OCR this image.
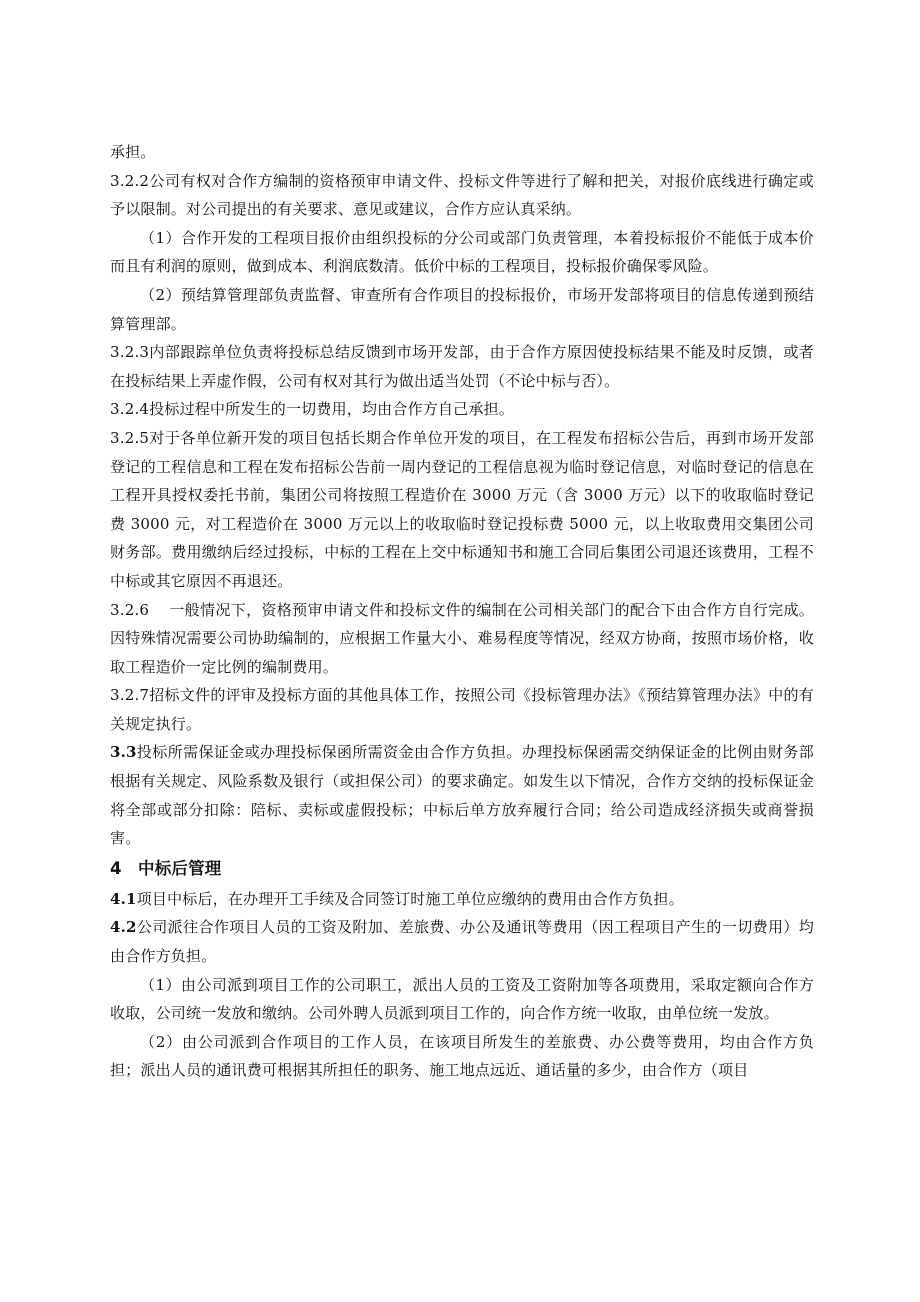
承担。

3.2.2公司有权对合作方编制的资格预审申请文件、投标文件等进行了解和把关，对报价底线进行确定或予以限制。对公司提出的有关要求、意见或建议，合作方应认真采纳。

（1）合作开发的工程项目报价由组织投标的分公司或部门负责管理，本着投标报价不能低于成本价而且有利润的原则，做到成本、利润底数清。低价中标的工程项目，投标报价确保零风险。

（2）预结算管理部负责监督、审查所有合作项目的投标报价，市场开发部将项目的信息传递到预结算管理部。

3.2.3内部跟踪单位负责将投标总结反馈到市场开发部，由于合作方原因使投标结果不能及时反馈，或者在投标结果上弄虚作假，公司有权对其行为做出适当处罚（不论中标与否）。

3.2.4投标过程中所发生的一切费用，均由合作方自己承担。

3.2.5对于各单位新开发的项目包括长期合作单位开发的项目，在工程发布招标公告后，再到市场开发部登记的工程信息和工程在发布招标公告前一周内登记的工程信息视为临时登记信息，对临时登记的信息在工程开具授权委托书前，集团公司将按照工程造价在 3000 万元（含 3000 万元）以下的收取临时登记费 3000 元，对工程造价在 3000 万元以上的收取临时登记投标费 5000 元，以上收取费用交集团公司财务部。费用缴纳后经过投标，中标的工程在上交中标通知书和施工合同后集团公司退还该费用，工程不中标或其它原因不再退还。

3.2.6 一般情况下，资格预审申请文件和投标文件的编制在公司相关部门的配合下由合作方自行完成。因特殊情况需要公司协助编制的，应根据工作量大小、难易程度等情况，经双方协商，按照市场价格，收取工程造价一定比例的编制费用。

3.2.7招标文件的评审及投标方面的其他具体工作，按照公司《投标管理办法》《预结算管理办法》中的有关规定执行。

3.3投标所需保证金或办理投标保函所需资金由合作方负担。办理投标保函需交纳保证金的比例由财务部根据有关规定、风险系数及银行（或担保公司）的要求确定。如发生以下情况，合作方交纳的投标保证金将全部或部分扣除：陪标、卖标或虚假投标；中标后单方放弃履行合同；给公司造成经济损失或商誉损害。

4 中标后管理

4.1项目中标后，在办理开工手续及合同签订时施工单位应缴纳的费用由合作方负担。

4.2公司派往合作项目人员的工资及附加、差旅费、办公及通讯等费用（因工程项目产生的一切费用）均由合作方负担。

（1）由公司派到项目工作的公司职工，派出人员的工资及工资附加等各项费用，采取定额向合作方收取，公司统一发放和缴纳。公司外聘人员派到项目工作的，向合作方统一收取，由单位统一发放。

（2）由公司派到合作项目的工作人员，在该项目所发生的差旅费、办公费等费用，均由合作方负担；派出人员的通讯费可根据其所担任的职务、施工地点远近、通话量的多少，由合作方（项目
